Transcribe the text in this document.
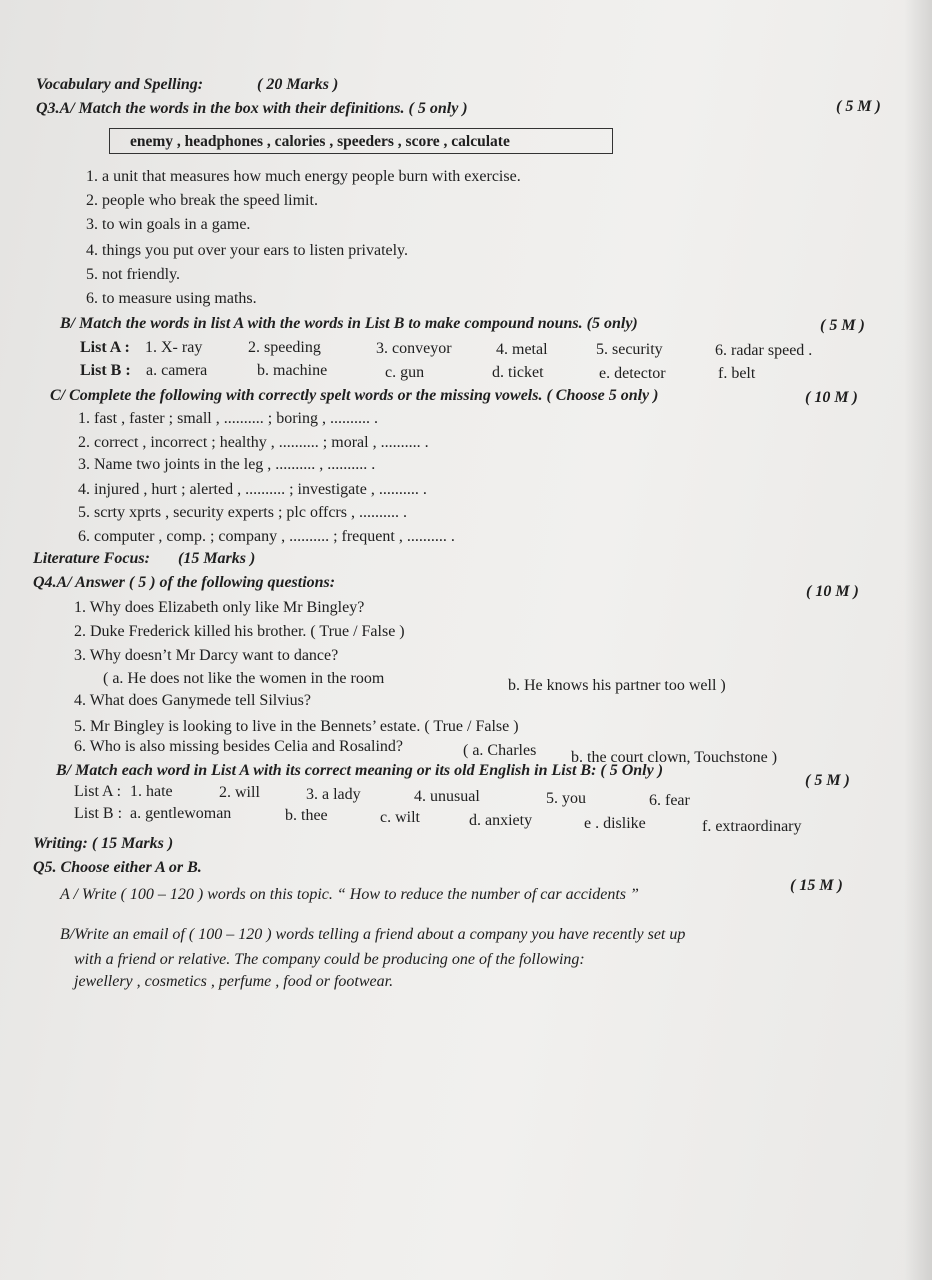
Vocabulary and Spelling:	( 20 Marks )
Q3.A/ Match the words in the box with their definitions. ( 5 only )	( 5 M )
enemy , headphones , calories , speeders , score , calculate
1. a unit that measures how much energy people burn with exercise.
2. people who break the speed limit.
3. to win goals in a game.
4. things you put over your ears to listen privately.
5. not friendly.
6. to measure using maths.
B/ Match the words in list A with the words in List B to make compound nouns. (5 only)	( 5 M )
List A : 1. X- ray	2. speeding	3. conveyor	4. metal	5. security	6. radar speed .
List B : a. camera	b. machine	c. gun	d. ticket	e. detector	f. belt
C/ Complete the following with correctly spelt words or the missing vowels. ( Choose 5 only )	( 10 M )
1. fast , faster ; small , .......... ; boring , .......... .
2. correct , incorrect ; healthy , .......... ; moral , .......... .
3. Name two joints in the leg , .......... , .......... .
4. injured , hurt ; alerted , .......... ; investigate , .......... .
5. scrty xprts , security experts ; plc offcrs , .......... .
6. computer , comp. ; company , .......... ; frequent , .......... .
Literature Focus: (15 Marks )
Q4.A/ Answer ( 5 ) of the following questions:
( 10 M )
1. Why does Elizabeth only like Mr Bingley?
2. Duke Frederick killed his brother. ( True / False )
3. Why doesn’t Mr Darcy want to dance?
( a. He does not like the women in the room	b. He knows his partner too well )
4. What does Ganymede tell Silvius?
5. Mr Bingley is looking to live in the Bennets’ estate. ( True / False )
6. Who is also missing besides Celia and Rosalind?	( a. Charles b. the court clown, Touchstone )
B/ Match each word in List A with its correct meaning or its old English in List B: ( 5 Only )
( 5 M )
List A : 1. hate	2. will	3. a lady	4. unusual	5. you	6. fear
List B : a. gentlewoman	b. thee	c. wilt	d. anxiety	e . dislike	f. extraordinary
Writing: ( 15 Marks )
Q5. Choose either A or B.
( 15 M )
A / Write ( 100 – 120 ) words on this topic. “ How to reduce the number of car accidents ”
B/Write an email of ( 100 – 120 ) words telling a friend about a company you have recently set up
with a friend or relative. The company could be producing one of the following:
jewellery , cosmetics , perfume , food or footwear.
